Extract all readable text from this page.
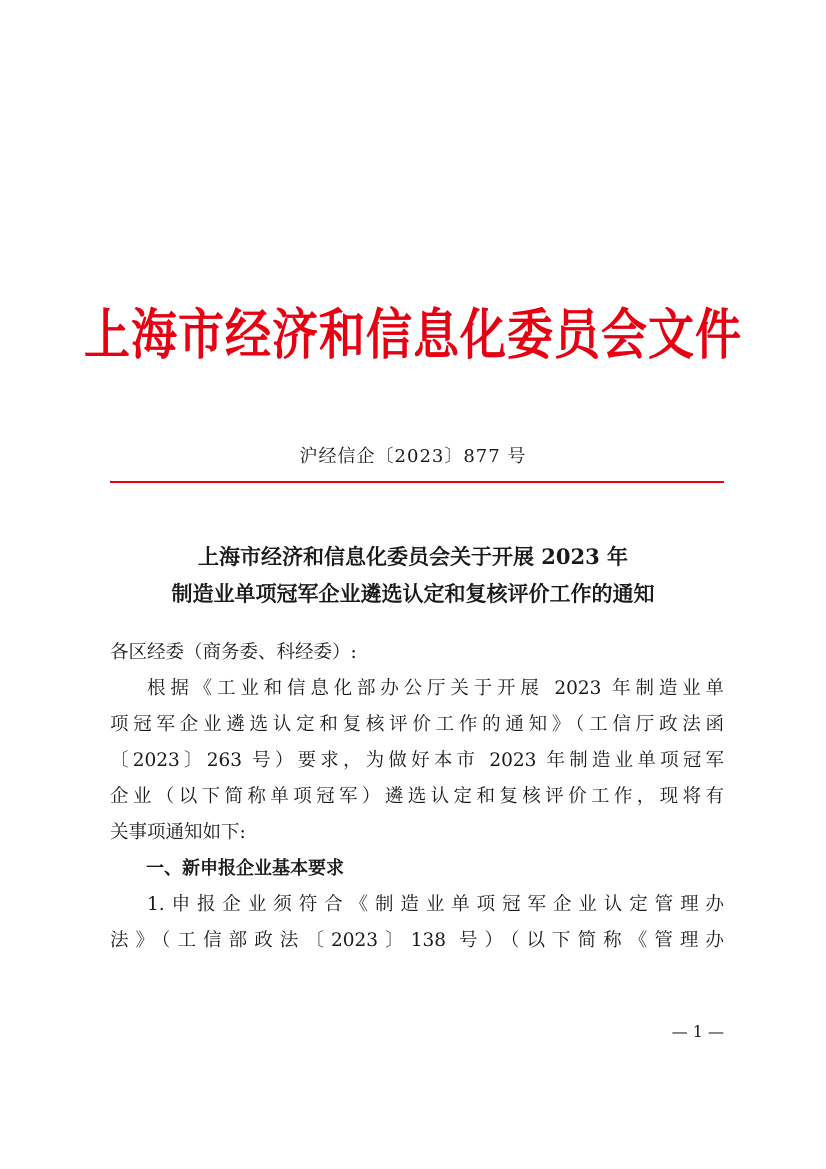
上海市经济和信息化委员会文件
沪经信企〔2023〕877 号
上海市经济和信息化委员会关于开展 2023 年
制造业单项冠军企业遴选认定和复核评价工作的通知

各区经委（商务委、科经委）:

根据《工业和信息化部办公厅关于开展 2023 年制造业单

项冠军企业遴选认定和复核评价工作的通知》（工信厅政法函

〔2023〕263 号）要求，为做好本市 2023 年制造业单项冠军

企业（以下简称单项冠军）遴选认定和复核评价工作，现将有

关事项通知如下:

一、新申报企业基本要求

1.申报企业须符合《制造业单项冠军企业认定管理办

法》（工信部政法〔2023〕138 号）（以下简称《管理办

— 1 —
